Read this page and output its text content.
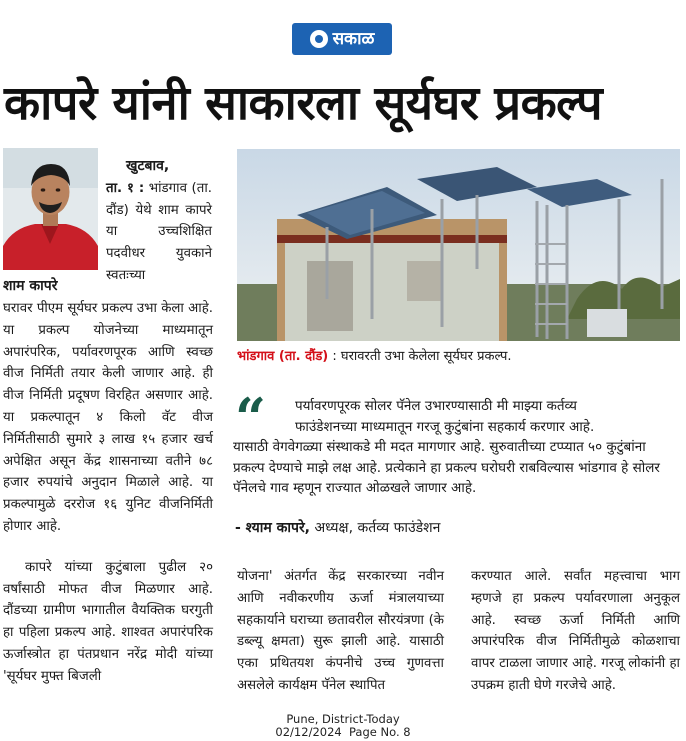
सकाळ
कापरे यांनी साकारला सूर्यघर प्रकल्प
शाम कापरे
खुटबाव,
ता. १ : भांडगाव (ता. दौंड) येथे शाम कापरे या उच्चशिक्षित पदवीधर युवकाने स्वतःच्या

घरावर पीएम सूर्यघर प्रकल्प उभा केला आहे. या प्रकल्प योजनेच्या माध्यमातून अपारंपरिक, पर्यावरणपूरक आणि स्वच्छ वीज निर्मिती तयार केली जाणार आहे. ही वीज निर्मिती प्रदूषण विरहित असणार आहे. या प्रकल्पातून ४ किलो वॅट वीज निर्मितीसाठी सुमारे ३ लाख १५ हजार खर्च अपेक्षित असून केंद्र शासनाच्या वतीने ७८ हजार रुपयांचे अनुदान मिळाले आहे. या प्रकल्पामुळे दररोज १६ युनिट वीजनिर्मिती होणार आहे.

कापरे यांच्या कुटुंबाला पुढील २० वर्षांसाठी मोफत वीज मिळणार आहे. दौंडच्या ग्रामीण भागातील वैयक्तिक घरगुती हा पहिला प्रकल्प आहे. शाश्वत अपारंपरिक ऊर्जास्त्रोत हा पंतप्रधान नरेंद्र मोदी यांच्या 'सूर्यघर मुफ्त बिजली

भांडगाव (ता. दौंड) : घरावरती उभा केलेला सूर्यघर प्रकल्प.
“	पर्यावरणपूरक सोलर पॅनेल उभारण्यासाठी मी माझ्या कर्तव्य
फाउंडेशनच्या माध्यमातून गरजू कुटुंबांना सहकार्य करणार आहे.
यासाठी वेगवेगळ्या संस्थाकडे मी मदत मागणार आहे. सुरुवातीच्या टप्प्यात ५० कुटुंबांना प्रकल्प देण्याचे माझे लक्ष आहे. प्रत्येकाने हा प्रकल्प घरोघरी राबविल्यास भांडगाव हे सोलर पॅनेलचे गाव म्हणून राज्यात ओळखले जाणार आहे.
- श्याम कापरे, अध्यक्ष, कर्तव्य फाउंडेशन

योजना' अंतर्गत केंद्र सरकारच्या नवीन आणि नवीकरणीय ऊर्जा मंत्रालयाच्या सहकार्याने घराच्या छतावरील सौरयंत्रणा (के डब्ल्यू क्षमता) सुरू झाली आहे. यासाठी एका प्रथितयश कंपनीचे उच्च गुणवत्ता असलेले कार्यक्षम पॅनेल स्थापित

करण्यात आले. सर्वांत महत्त्वाचा भाग म्हणजे हा प्रकल्प पर्यावरणाला अनुकूल आहे. स्वच्छ ऊर्जा निर्मिती आणि अपारंपरिक वीज निर्मितीमुळे कोळशाचा वापर टाळला जाणार आहे. गरजू लोकांनी हा उपक्रम हाती घेणे गरजेचे आहे.

Pune, District-Today
02/12/2024  Page No. 8
